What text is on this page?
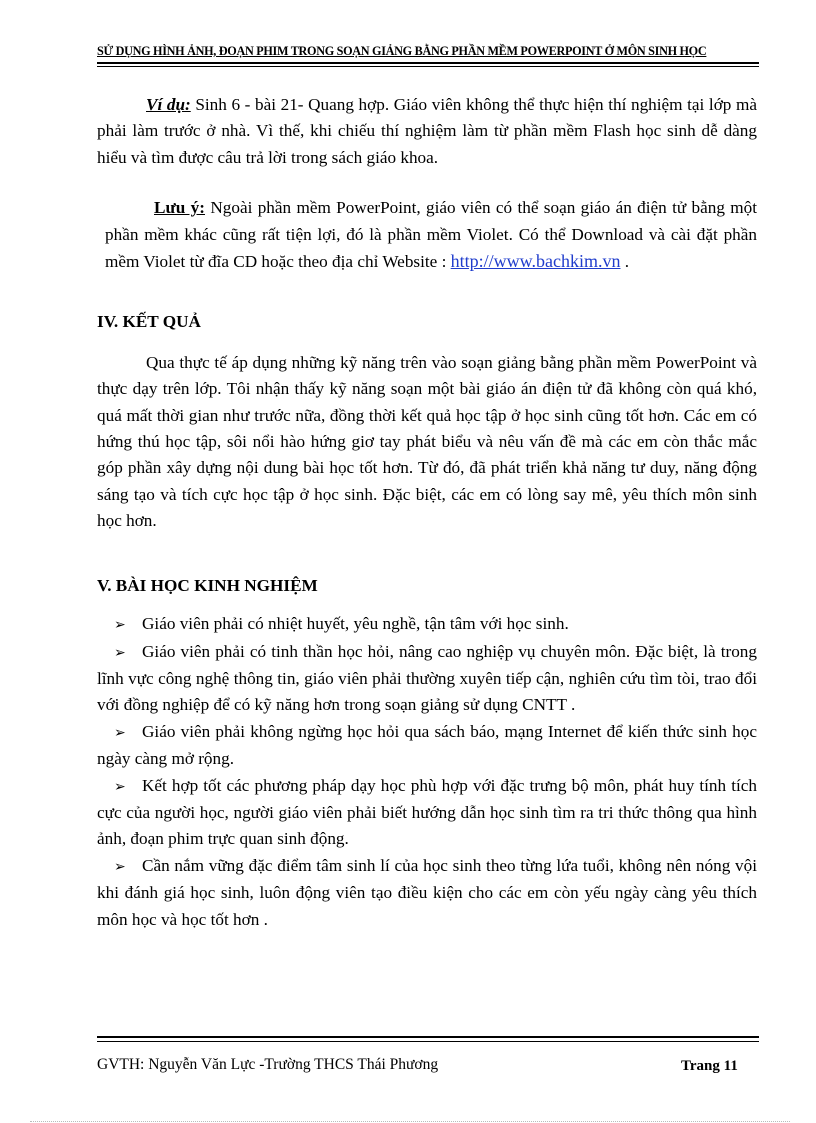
SỬ DỤNG HÌNH ẢNH, ĐOẠN PHIM TRONG SOẠN GIẢNG BẰNG PHẦN MỀM POWERPOINT Ở MÔN SINH HỌC

Ví dụ: Sinh 6 - bài 21- Quang hợp. Giáo viên không thể thực hiện thí nghiệm tại lớp mà phải làm trước ở nhà. Vì thế, khi chiếu thí nghiệm làm từ phần mềm Flash học sinh dễ dàng hiểu và tìm được câu trả lời trong sách giáo khoa.

Lưu ý: Ngoài phần mềm PowerPoint, giáo viên có thể soạn giáo án điện tử bằng một phần mềm khác cũng rất tiện lợi, đó là phần mềm Violet. Có thể Download và cài đặt phần mềm Violet từ đĩa CD hoặc theo địa chỉ Website : http://www.bachkim.vn .

IV. KẾT QUẢ

Qua thực tế áp dụng những kỹ năng trên vào soạn giảng bằng phần mềm PowerPoint và thực dạy trên lớp. Tôi nhận thấy kỹ năng soạn một bài giáo án điện tử đã không còn quá khó, quá mất thời gian như trước nữa, đồng thời kết quả học tập ở học sinh cũng tốt hơn. Các em có hứng thú học tập, sôi nổi hào hứng giơ tay phát biểu và nêu vấn đề mà các em còn thắc mắc góp phần xây dựng nội dung bài học tốt hơn. Từ đó, đã phát triển khả năng tư duy, năng động sáng tạo và tích cực học tập ở học sinh. Đặc biệt, các em có lòng say mê, yêu thích môn sinh học hơn.

V. BÀI HỌC KINH NGHIỆM

➢ Giáo viên phải có nhiệt huyết, yêu nghề, tận tâm với học sinh.

➢ Giáo viên phải có tinh thần học hỏi, nâng cao nghiệp vụ chuyên môn. Đặc biệt, là trong lĩnh vực công nghệ thông tin, giáo viên phải thường xuyên tiếp cận, nghiên cứu tìm tòi, trao đổi với đồng nghiệp để có kỹ năng hơn trong soạn giảng sử dụng CNTT .

➢ Giáo viên phải không ngừng học hỏi qua sách báo, mạng Internet để kiến thức sinh học ngày càng mở rộng.

➢ Kết hợp tốt các phương pháp dạy học phù hợp với đặc trưng bộ môn, phát huy tính tích cực của người học, người giáo viên phải biết hướng dẫn học sinh tìm ra tri thức thông qua hình ảnh, đoạn phim trực quan sinh động.

➢ Cần nắm vững đặc điểm tâm sinh lí của học sinh theo từng lứa tuổi, không nên nóng vội khi đánh giá học sinh, luôn động viên tạo điều kiện cho các em còn yếu ngày càng yêu thích môn học và học tốt hơn .

GVTH: Nguyễn Văn Lực -Trường THCS Thái Phương	Trang 11
